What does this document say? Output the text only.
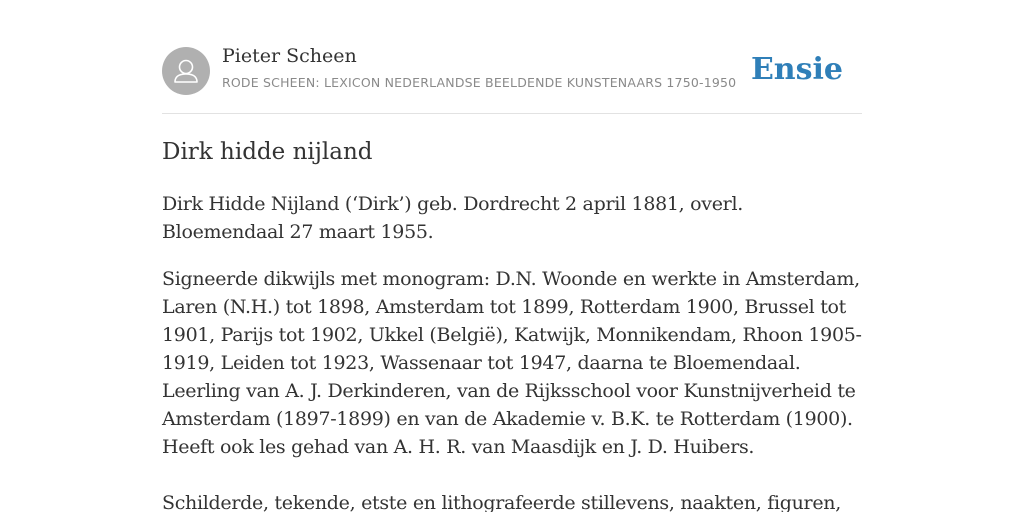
Pieter Scheen
RODE SCHEEN: LEXICON NEDERLANDSE BEELDENDE KUNSTENAARS 1750-1950 Ensie
Dirk hidde nijland

Dirk Hidde Nijland (‘Dirk’) geb. Dordrecht 2 april 1881, overl. Bloemendaal 27 maart 1955.

Signeerde dikwijls met monogram: D.N. Woonde en werkte in Amsterdam, Laren (N.H.) tot 1898, Amsterdam tot 1899, Rotterdam 1900, Brussel tot 1901, Parijs tot 1902, Ukkel (België), Katwijk, Monnikendam, Rhoon 1905-1919, Leiden tot 1923, Wassenaar tot 1947, daarna te Bloemendaal. Leerling van A. J. Derkinderen, van de Rijksschool voor Kunstnijverheid te Amsterdam (1897-1899) en van de Akademie v. B.K. te Rotterdam (1900). Heeft ook les gehad van A. H. R. van Maasdijk en J. D. Huibers.

Schilderde, tekende, etste en lithografeerde stillevens, naakten, figuren,
